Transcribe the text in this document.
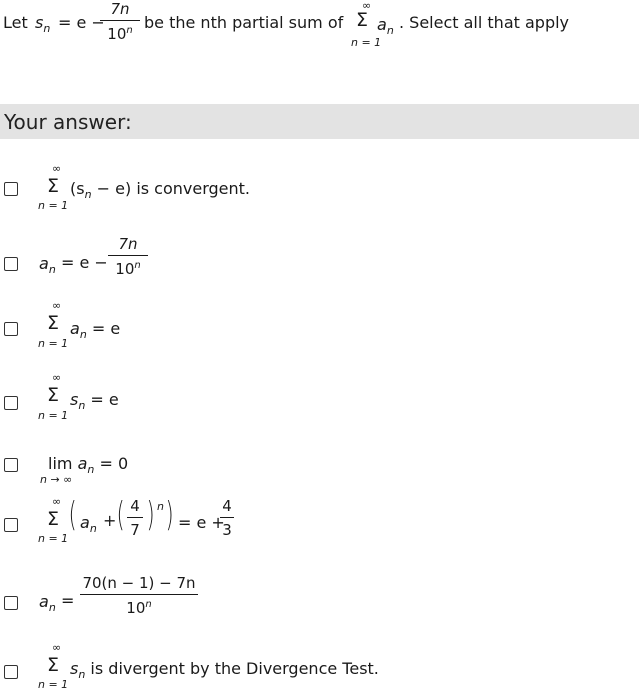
Let $s_n = e$ −
$\frac{7n}{10^n}$ be the nth partial sum of
∞
Σ
n = 1
$a_n$ . Select all that apply
Your answer:
∞
Σ
n = 1
$(s_n - e)$ is convergent.
$a_n = e - \frac{7n}{10^n}$
∞
Σ
n = 1
$a_n = e$
∞
Σ
n = 1
$s_n = e$
$\lim a_n = 0$
n → ∞
∞
Σ
n = 1
( $a_n$ + ( $\frac{4}{7}$ ) n ) = e +
$\frac{4}{3}$
$a_n = \frac{70(n - 1) - 7n}{10^n}$
∞
Σ
n = 1
$s_n$ is divergent by the Divergence Test.
